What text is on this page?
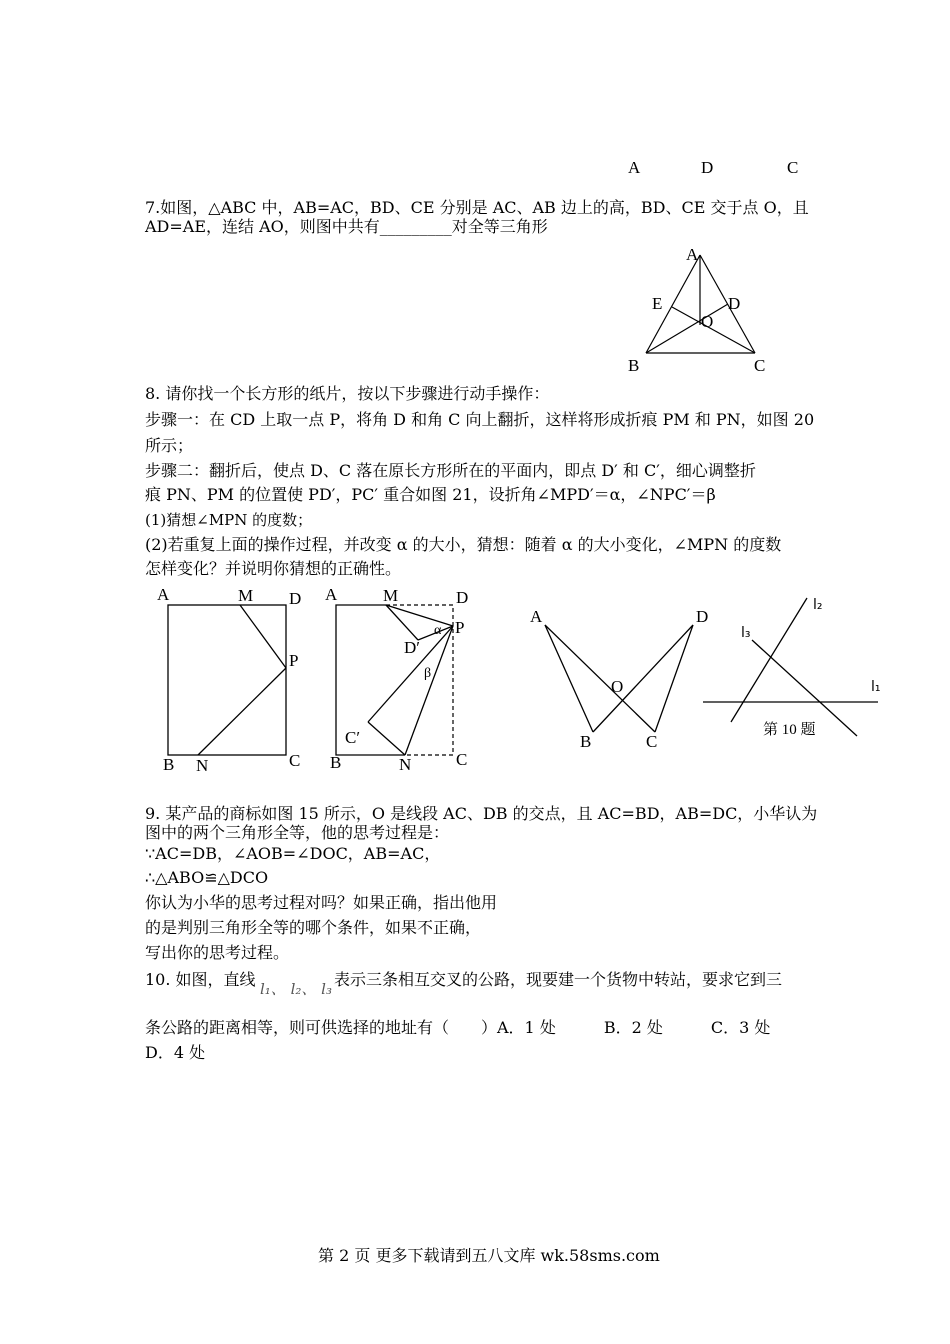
A	D	C
7.如图，△ABC 中，AB=AC，BD、CE 分别是 AC、AB 边上的高，BD、CE 交于点 O，且
AD=AE，连结 AO，则图中共有_________对全等三角形
A
E	D
O
B	C
8. 请你找一个长方形的纸片，按以下步骤进行动手操作：
步骤一：在 CD 上取一点 P，将角 D 和角 C 向上翻折，这样将形成折痕 PM 和 PN，如图 20
所示；
步骤二：翻折后，使点 D、C 落在原长方形所在的平面内，即点 D′ 和 C′，细心调整折
痕 PN、PM 的位置使 PD′，PC′ 重合如图 21，设折角∠MPD′＝α，∠NPC′＝β
(1)猜想∠MPN 的度数；
(2)若重复上面的操作过程，并改变 α 的大小，猜想：随着 α 的大小变化，∠MPN 的度数
怎样变化？并说明你猜想的正确性。
A	M D
P
B N	C
A	M	D
P
D′
α
β
C′
B	N	C
A	D
O
B	C
l₂
l₃
l₁
第 10 题
9. 某产品的商标如图 15 所示，O 是线段 AC、DB 的交点，且 AC=BD，AB=DC，小华认为
图中的两个三角形全等，他的思考过程是：
∵AC=DB，∠AOB=∠DOC，AB=AC，
∴△ABO≌△DCO
你认为小华的思考过程对吗？如果正确，指出他用
的是判别三角形全等的哪个条件，如果不正确，
写出你的思考过程。
10. 如图，直线 l₁、 l₂、 l₃ 表示三条相互交叉的公路，现要建一个货物中转站，要求它到三
条公路的距离相等，则可供选择的地址有（　　）A．1 处　　　B．2 处　　　C．3 处
D．4 处
第 2 页 更多下载请到五八文库 wk.58sms.com
